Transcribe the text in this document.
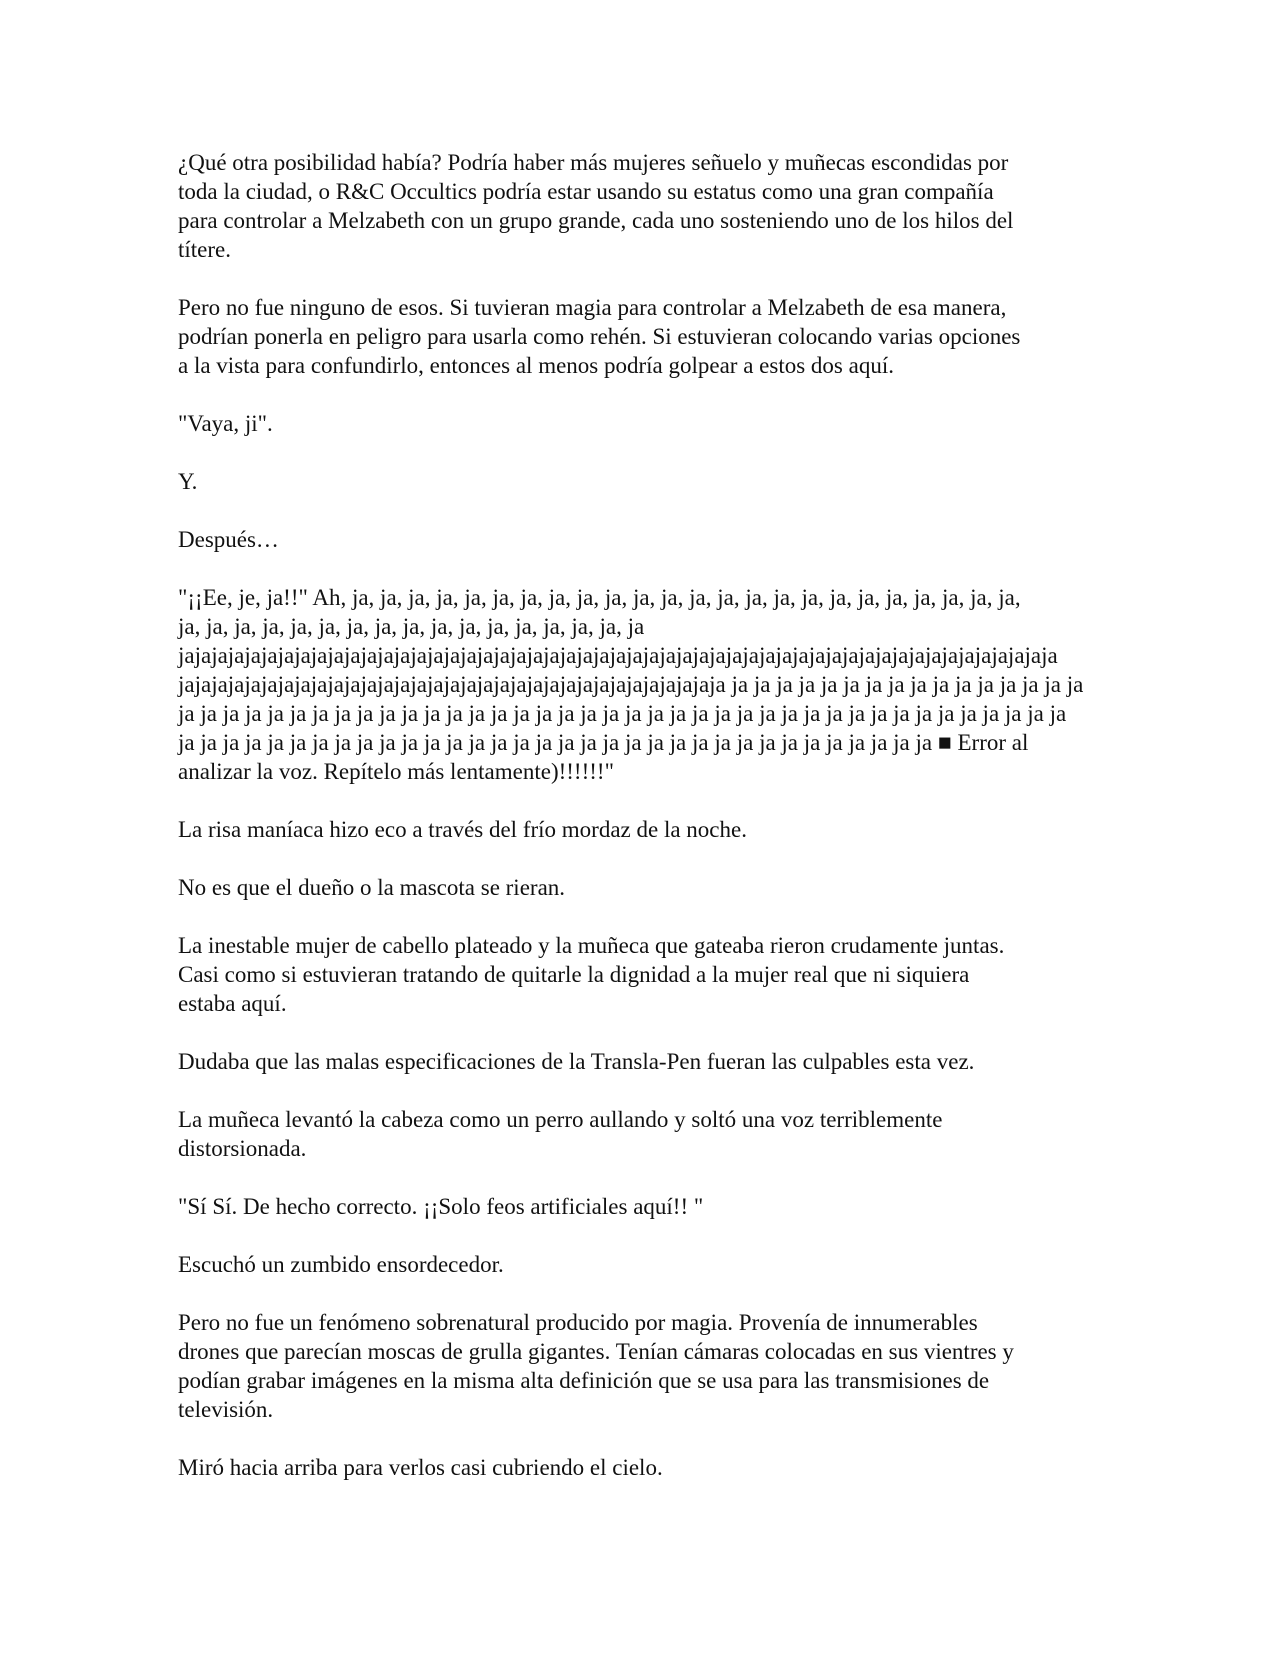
¿Qué otra posibilidad había? Podría haber más mujeres señuelo y muñecas escondidas por
toda la ciudad, o R&C Occultics podría estar usando su estatus como una gran compañía
para controlar a Melzabeth con un grupo grande, cada uno sosteniendo uno de los hilos del
títere.

Pero no fue ninguno de esos. Si tuvieran magia para controlar a Melzabeth de esa manera,
podrían ponerla en peligro para usarla como rehén. Si estuvieran colocando varias opciones
a la vista para confundirlo, entonces al menos podría golpear a estos dos aquí.

"Vaya, ji".

Y.

Después…

"¡¡Ee, je, ja!!" Ah, ja, ja, ja, ja, ja, ja, ja, ja, ja, ja, ja, ja, ja, ja, ja, ja, ja, ja, ja, ja, ja, ja, ja, ja,
ja, ja, ja, ja, ja, ja, ja, ja, ja, ja, ja, ja, ja, ja, ja, ja, ja
jajajajajajajajajajajajajajajajajajajajajajajajajajajajajajajajajajajajajajajajajajajajajajajajajajajajaja
jajajajajajajajajajajajajajajajajajajajajajajajajajajajajajajajaja ja ja ja ja ja ja ja ja ja ja ja ja ja ja ja ja
ja ja ja ja ja ja ja ja ja ja ja ja ja ja ja ja ja ja ja ja ja ja ja ja ja ja ja ja ja ja ja ja ja ja ja ja ja ja ja ja
ja ja ja ja ja ja ja ja ja ja ja ja ja ja ja ja ja ja ja ja ja ja ja ja ja ja ja ja ja ja ja ja ja ja ■ Error al
analizar la voz. Repítelo más lentamente)!!!!!!"

La risa maníaca hizo eco a través del frío mordaz de la noche.

No es que el dueño o la mascota se rieran.

La inestable mujer de cabello plateado y la muñeca que gateaba rieron crudamente juntas.
Casi como si estuvieran tratando de quitarle la dignidad a la mujer real que ni siquiera
estaba aquí.

Dudaba que las malas especificaciones de la Transla-Pen fueran las culpables esta vez.

La muñeca levantó la cabeza como un perro aullando y soltó una voz terriblemente
distorsionada.

"Sí Sí. De hecho correcto. ¡¡Solo feos artificiales aquí!! "

Escuchó un zumbido ensordecedor.

Pero no fue un fenómeno sobrenatural producido por magia. Provenía de innumerables
drones que parecían moscas de grulla gigantes. Tenían cámaras colocadas en sus vientres y
podían grabar imágenes en la misma alta definición que se usa para las transmisiones de
televisión.

Miró hacia arriba para verlos casi cubriendo el cielo.
